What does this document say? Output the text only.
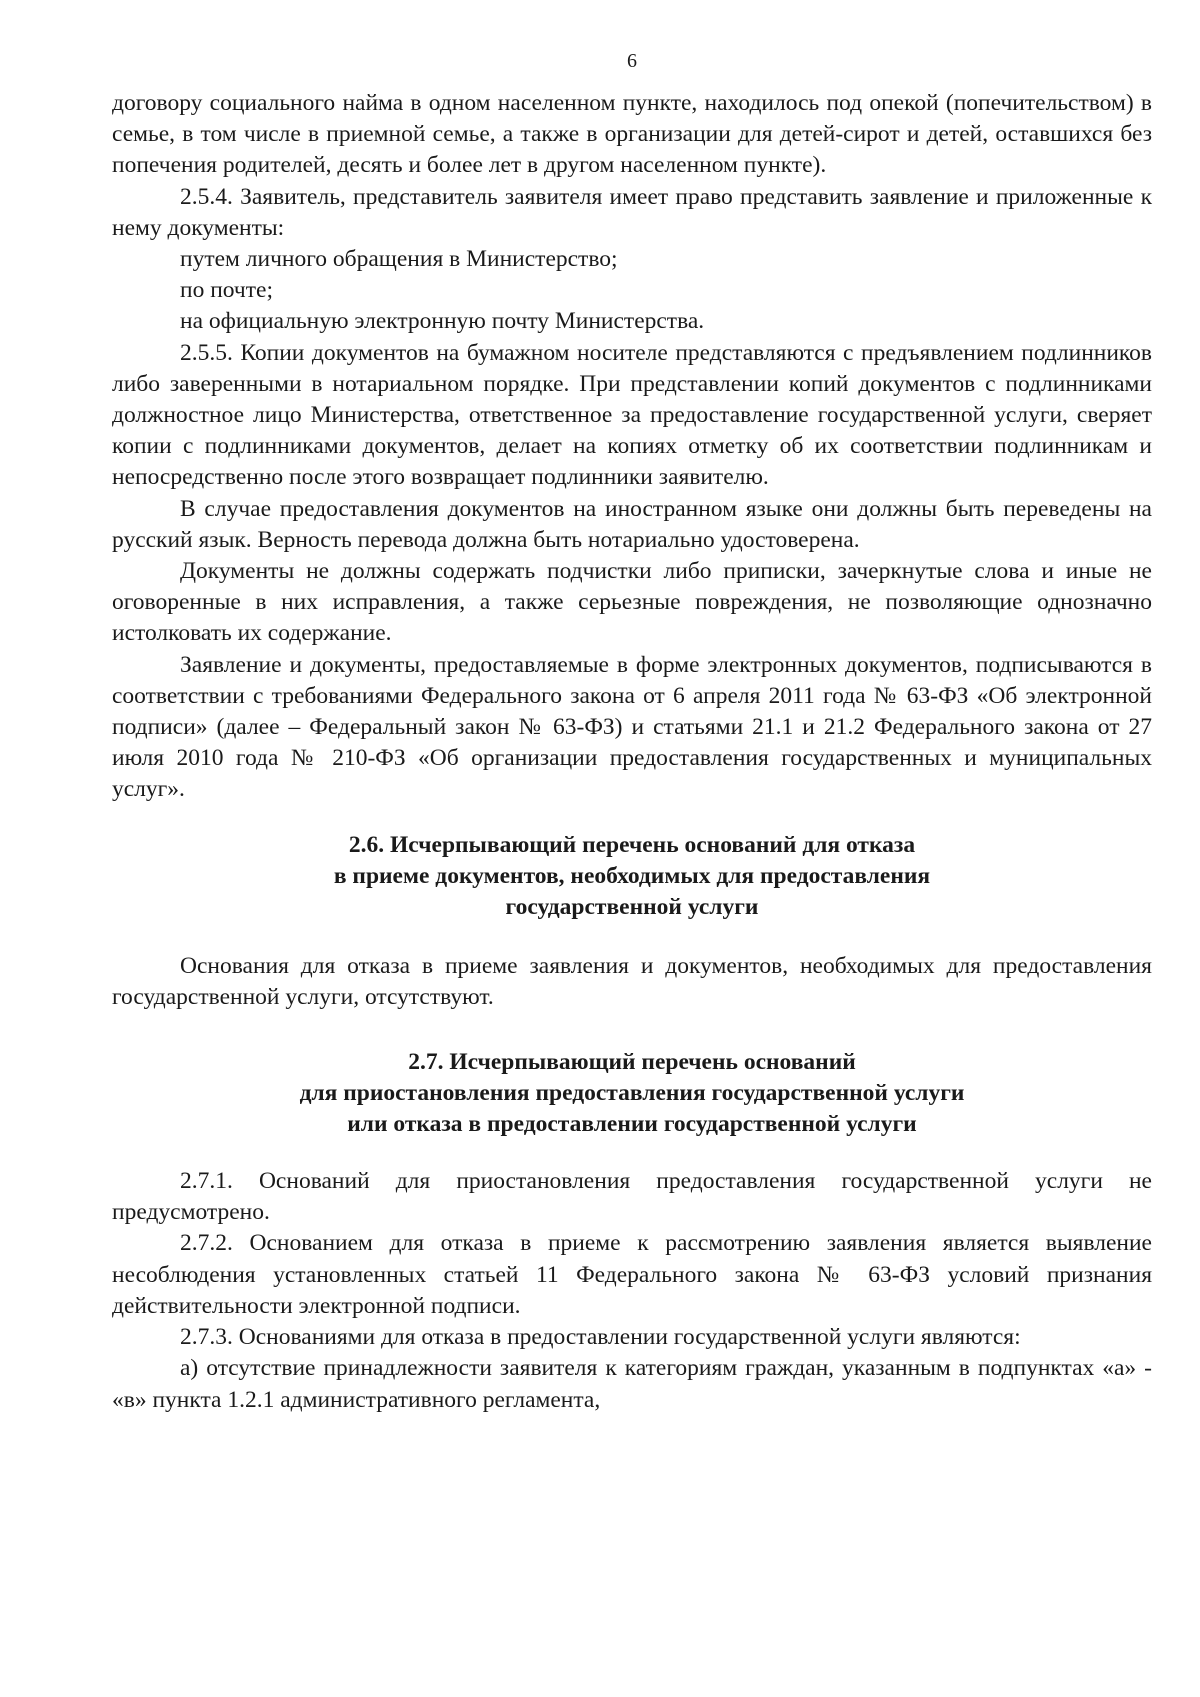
6

договору социального найма в одном населенном пункте, находилось под опекой (попечительством) в семье, в том числе в приемной семье, а также в организации для детей-сирот и детей, оставшихся без попечения родителей, десять и более лет в другом населенном пункте).

2.5.4. Заявитель, представитель заявителя имеет право представить заявление и приложенные к нему документы:

путем личного обращения в Министерство;

по почте;

на официальную электронную почту Министерства.

2.5.5. Копии документов на бумажном носителе представляются с предъявлением подлинников либо заверенными в нотариальном порядке. При представлении копий документов с подлинниками должностное лицо Министерства, ответственное за предоставление государственной услуги, сверяет копии с подлинниками документов, делает на копиях отметку об их соответствии подлинникам и непосредственно после этого возвращает подлинники заявителю.

В случае предоставления документов на иностранном языке они должны быть переведены на русский язык. Верность перевода должна быть нотариально удостоверена.

Документы не должны содержать подчистки либо приписки, зачеркнутые слова и иные не оговоренные в них исправления, а также серьезные повреждения, не позволяющие однозначно истолковать их содержание.

Заявление и документы, предоставляемые в форме электронных документов, подписываются в соответствии с требованиями Федерального закона от 6 апреля 2011 года № 63-ФЗ «Об электронной подписи» (далее – Федеральный закон № 63-ФЗ) и статьями 21.1 и 21.2 Федерального закона от 27 июля 2010 года № 210-ФЗ «Об организации предоставления государственных и муниципальных услуг».

2.6. Исчерпывающий перечень оснований для отказа
в приеме документов, необходимых для предоставления
государственной услуги

Основания для отказа в приеме заявления и документов, необходимых для предоставления государственной услуги, отсутствуют.

2.7. Исчерпывающий перечень оснований
для приостановления предоставления государственной услуги
или отказа в предоставлении государственной услуги

2.7.1. Оснований для приостановления предоставления государственной услуги не предусмотрено.

2.7.2. Основанием для отказа в приеме к рассмотрению заявления является выявление несоблюдения установленных статьей 11 Федерального закона № 63-ФЗ условий признания действительности электронной подписи.

2.7.3. Основаниями для отказа в предоставлении государственной услуги являются:

а) отсутствие принадлежности заявителя к категориям граждан, указанным в подпунктах «а» - «в» пункта 1.2.1 административного регламента,
